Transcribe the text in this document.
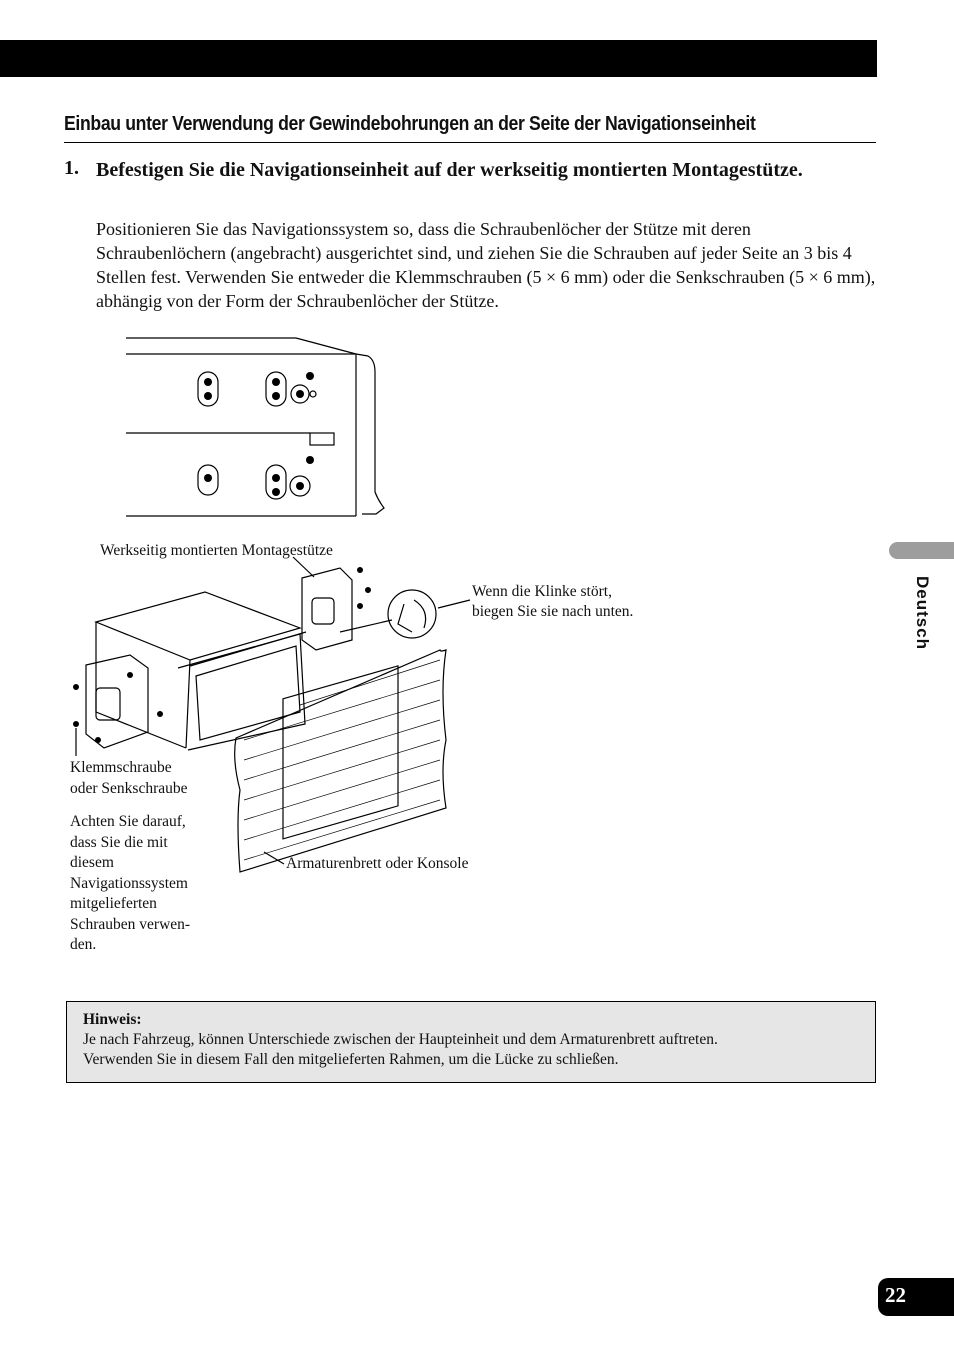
Einbau unter Verwendung der Gewindebohrungen an der Seite der Navigationseinheit
1. Befestigen Sie die Navigationseinheit auf der werkseitig montierten Montagestütze.
Positionieren Sie das Navigationssystem so, dass die Schraubenlöcher der Stütze mit deren Schraubenlöchern (angebracht) ausgerichtet sind, und ziehen Sie die Schrauben auf jeder Seite an 3 bis 4 Stellen fest. Verwenden Sie entweder die Klemmschrauben (5 × 6 mm) oder die Senkschrauben (5 × 6 mm), abhängig von der Form der Schraubenlöcher der Stütze.
Werkseitig montierten Montagestütze
Wenn die Klinke stört,
biegen Sie sie nach unten.
Klemmschraube
oder Senkschraube
Achten Sie darauf,
dass Sie die mit
diesem
Navigationssystem
mitgelieferten
Schrauben verwen-
den.
Armaturenbrett oder Konsole
Hinweis:
Je nach Fahrzeug, können Unterschiede zwischen der Haupteinheit und dem Armaturenbrett auftreten.
Verwenden Sie in diesem Fall den mitgelieferten Rahmen, um die Lücke zu schließen.
Deutsch
22
